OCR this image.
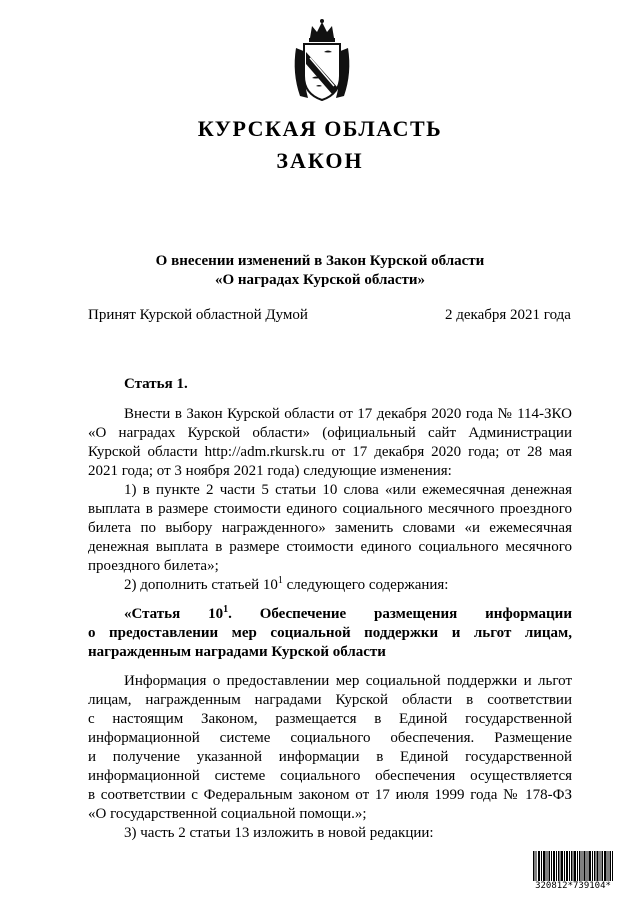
КУРСКАЯ ОБЛАСТЬ
ЗАКОН
О внесении изменений в Закон Курской области
«О наградах Курской области»
Принят Курской областной Думой	2 декабря 2021 года
Статья 1.
Внести в Закон Курской области от 17 декабря 2020 года № 114-ЗКО
«О наградах Курской области» (официальный сайт Администрации
Курской области http://adm.rkursk.ru от 17 декабря 2020 года; от 28 мая
2021 года; от 3 ноября 2021 года) следующие изменения:
1) в пункте 2 части 5 статьи 10 слова «или ежемесячная денежная
выплата в размере стоимости единого социального месячного проездного
билета по выбору награжденного» заменить словами «и ежемесячная
денежная выплата в размере стоимости единого социального месячного
проездного билета»;
2) дополнить статьей $10^1$ следующего содержания:
«Статья $10^1$. Обеспечение размещения информации
о предоставлении мер социальной поддержки и льгот лицам,
награжденным наградами Курской области
Информация о предоставлении мер социальной поддержки и льгот
лицам, награжденным наградами Курской области в соответствии
с настоящим Законом, размещается в Единой государственной
информационной системе социального обеспечения. Размещение
и получение указанной информации в Единой государственной
информационной системе социального обеспечения осуществляется
в соответствии с Федеральным законом от 17 июля 1999 года № 178-ФЗ
«О государственной социальной помощи.»;
3) часть 2 статьи 13 изложить в новой редакции:
320812*739104*
